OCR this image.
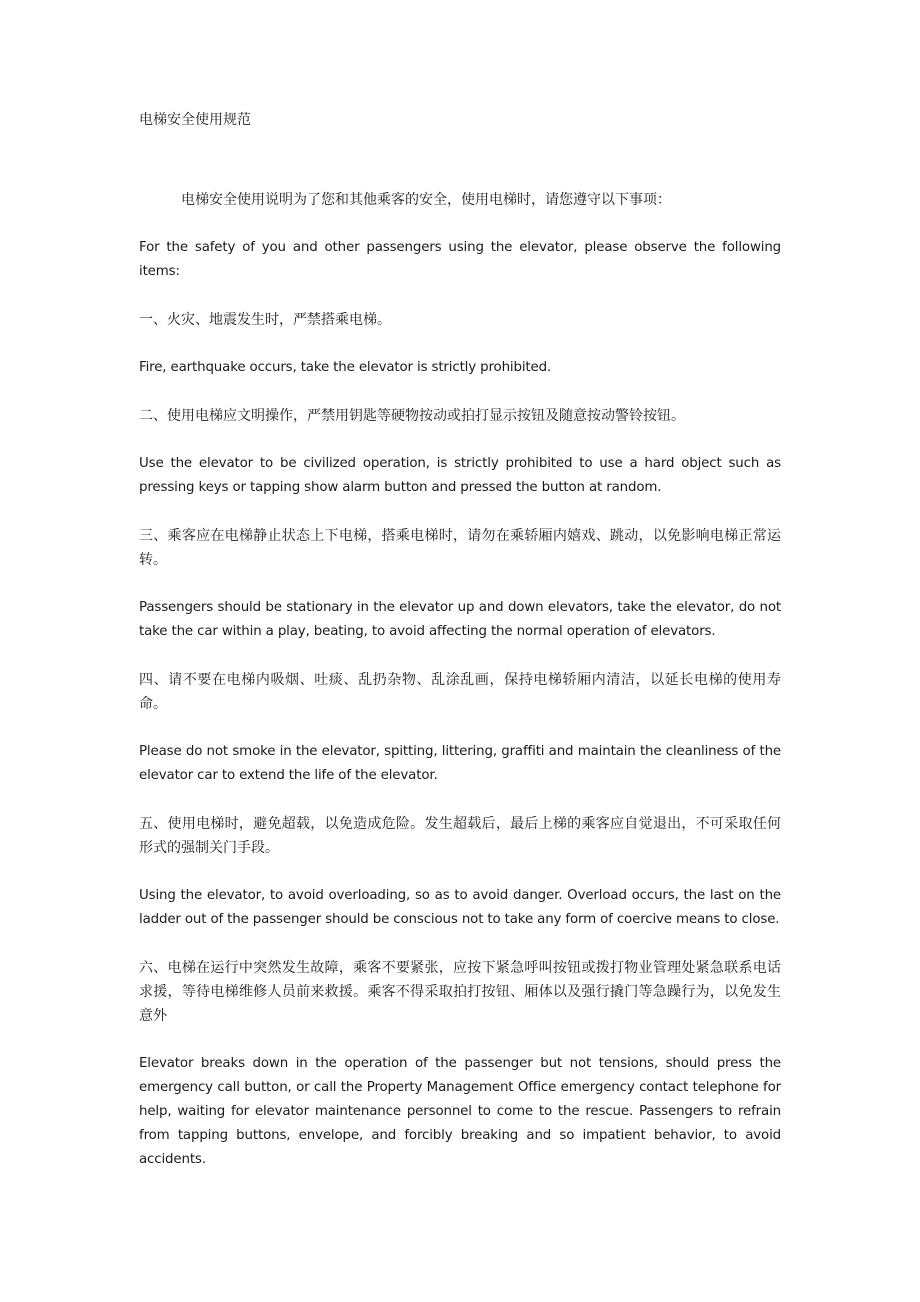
电梯安全使用规范

电梯安全使用说明为了您和其他乘客的安全，使用电梯时，请您遵守以下事项：

For the safety of you and other passengers using the elevator, please observe the following items:

一、火灾、地震发生时，严禁搭乘电梯。

Fire, earthquake occurs, take the elevator is strictly prohibited.

二、使用电梯应文明操作，严禁用钥匙等硬物按动或拍打显示按钮及随意按动警铃按钮。

Use the elevator to be civilized operation, is strictly prohibited to use a hard object such as pressing keys or tapping show alarm button and pressed the button at random.

三、乘客应在电梯静止状态上下电梯，搭乘电梯时，请勿在乘轿厢内嬉戏、跳动，以免影响电梯正常运转。

Passengers should be stationary in the elevator up and down elevators, take the elevator, do not take the car within a play, beating, to avoid affecting the normal operation of elevators.

四、请不要在电梯内吸烟、吐痰、乱扔杂物、乱涂乱画，保持电梯轿厢内清洁，以延长电梯的使用寿命。

Please do not smoke in the elevator, spitting, littering, graffiti and maintain the cleanliness of the elevator car to extend the life of the elevator.

五、使用电梯时，避免超载，以免造成危险。发生超载后，最后上梯的乘客应自觉退出，不可采取任何形式的强制关门手段。

Using the elevator, to avoid overloading, so as to avoid danger. Overload occurs, the last on the ladder out of the passenger should be conscious not to take any form of coercive means to close.

六、电梯在运行中突然发生故障，乘客不要紧张，应按下紧急呼叫按钮或拨打物业管理处紧急联系电话求援，等待电梯维修人员前来救援。乘客不得采取拍打按钮、厢体以及强行撬门等急躁行为，以免发生意外

Elevator breaks down in the operation of the passenger but not tensions, should press the emergency call button, or call the Property Management Office emergency contact telephone for help, waiting for elevator maintenance personnel to come to the rescue. Passengers to refrain from tapping buttons, envelope, and forcibly breaking and so impatient behavior, to avoid accidents.
